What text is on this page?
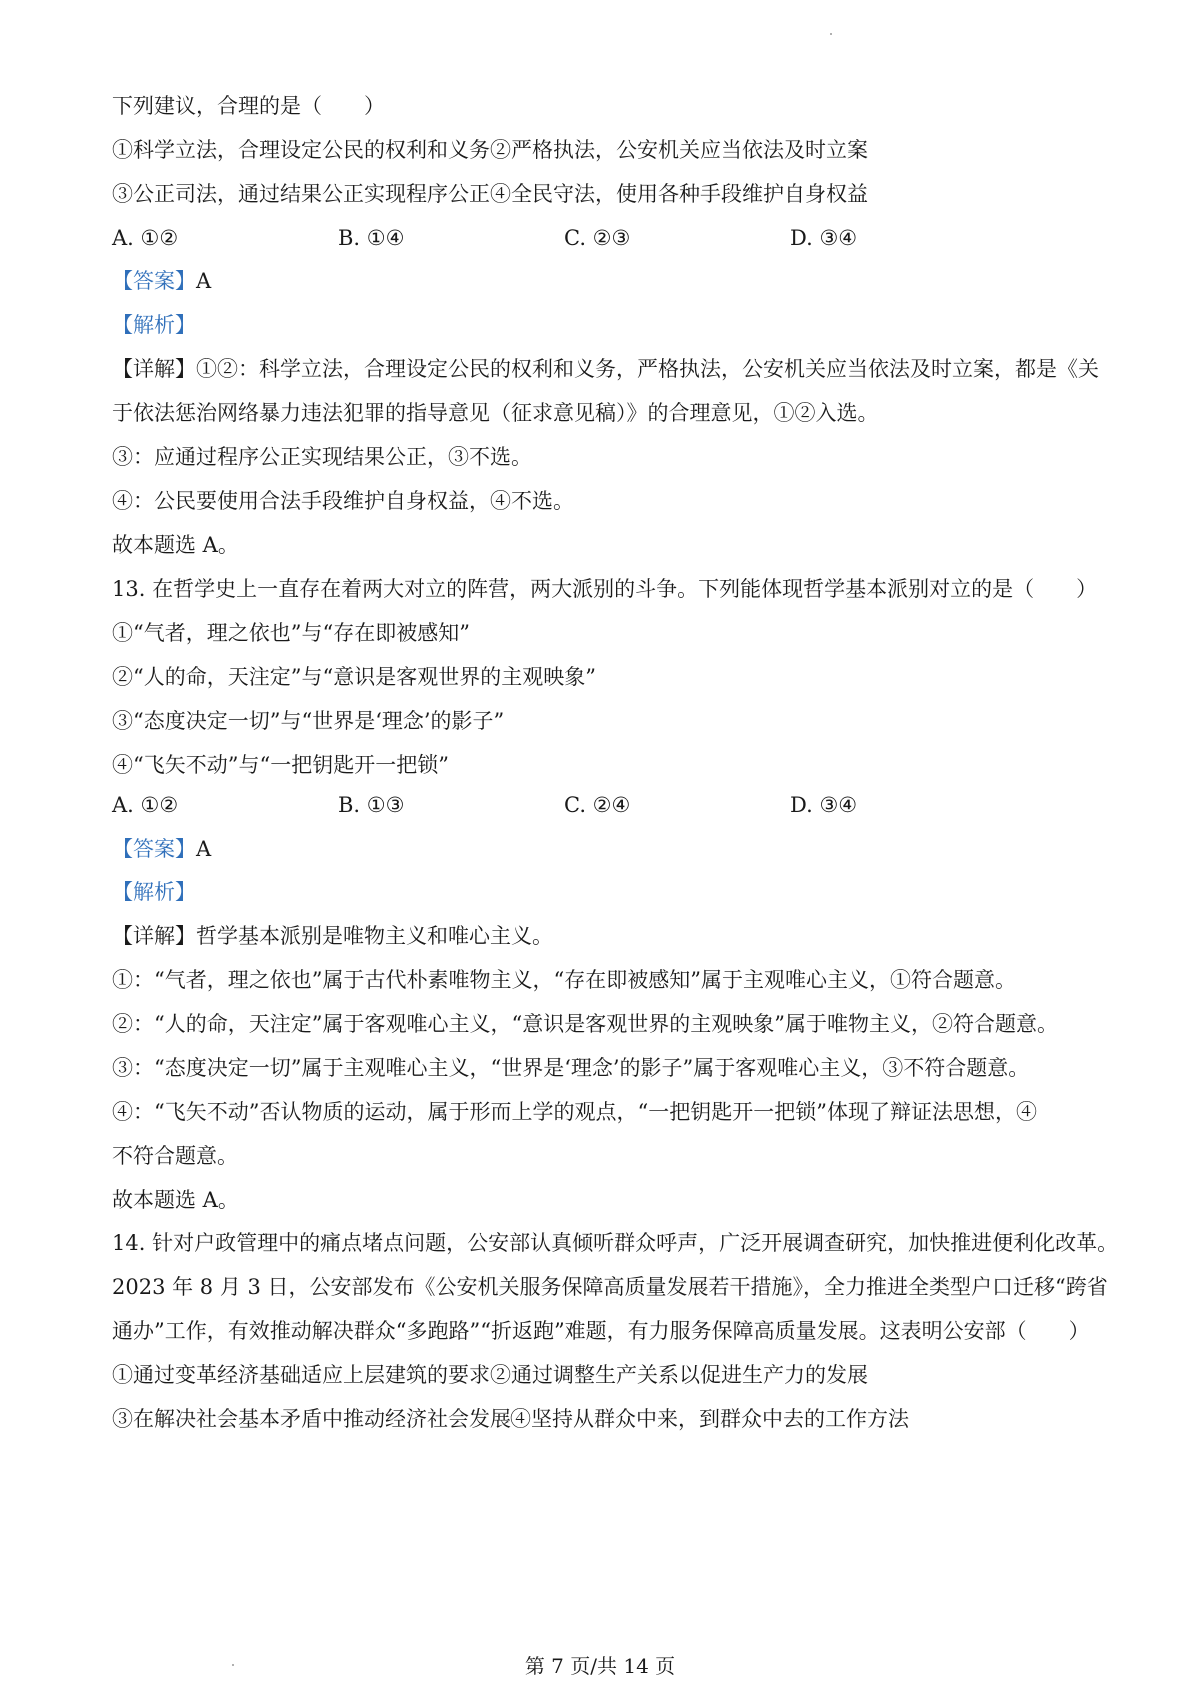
下列建议，合理的是（　　）
①科学立法，合理设定公民的权利和义务 ②严格执法，公安机关应当依法及时立案
③公正司法，通过结果公正实现程序公正 ④全民守法，使用各种手段维护自身权益
A. ①②	B. ①④	C. ②③	D. ③④
【答案】A
【解析】
【详解】①②：科学立法，合理设定公民的权利和义务，严格执法，公安机关应当依法及时立案，都是《关
于依法惩治网络暴力违法犯罪的指导意见（征求意见稿）》的合理意见，①②入选。
③：应通过程序公正实现结果公正，③不选。
④：公民要使用合法手段维护自身权益，④不选。
故本题选 A。
13. 在哲学史上一直存在着两大对立的阵营，两大派别的斗争。下列能体现哲学基本派别对立的是（　　）
①“气者，理之依也”与“存在即被感知”
②“人的命，天注定”与“意识是客观世界的主观映象”
③“态度决定一切”与“世界是‘理念’的影子”
④“飞矢不动”与“一把钥匙开一把锁”
A. ①②	B. ①③	C. ②④	D. ③④
【答案】A
【解析】
【详解】哲学基本派别是唯物主义和唯心主义。
①：“气者，理之依也”属于古代朴素唯物主义，“存在即被感知”属于主观唯心主义，①符合题意。
②：“人的命，天注定”属于客观唯心主义，“意识是客观世界的主观映象”属于唯物主义，②符合题意。
③：“态度决定一切”属于主观唯心主义，“世界是‘理念’的影子”属于客观唯心主义，③不符合题意。
④：“飞矢不动”否认物质的运动，属于形而上学的观点，“一把钥匙开一把锁”体现了辩证法思想，④
不符合题意。
故本题选 A。
14. 针对户政管理中的痛点堵点问题，公安部认真倾听群众呼声，广泛开展调查研究，加快推进便利化改革。
2023 年 8 月 3 日，公安部发布《公安机关服务保障高质量发展若干措施》，全力推进全类型户口迁移“跨省
通办”工作，有效推动解决群众“多跑路”“折返跑”难题，有力服务保障高质量发展。这表明公安部（　　）
①通过变革经济基础适应上层建筑的要求 ②通过调整生产关系以促进生产力的发展
③在解决社会基本矛盾中推动经济社会发展 ④坚持从群众中来，到群众中去的工作方法
第 7 页/共 14 页
